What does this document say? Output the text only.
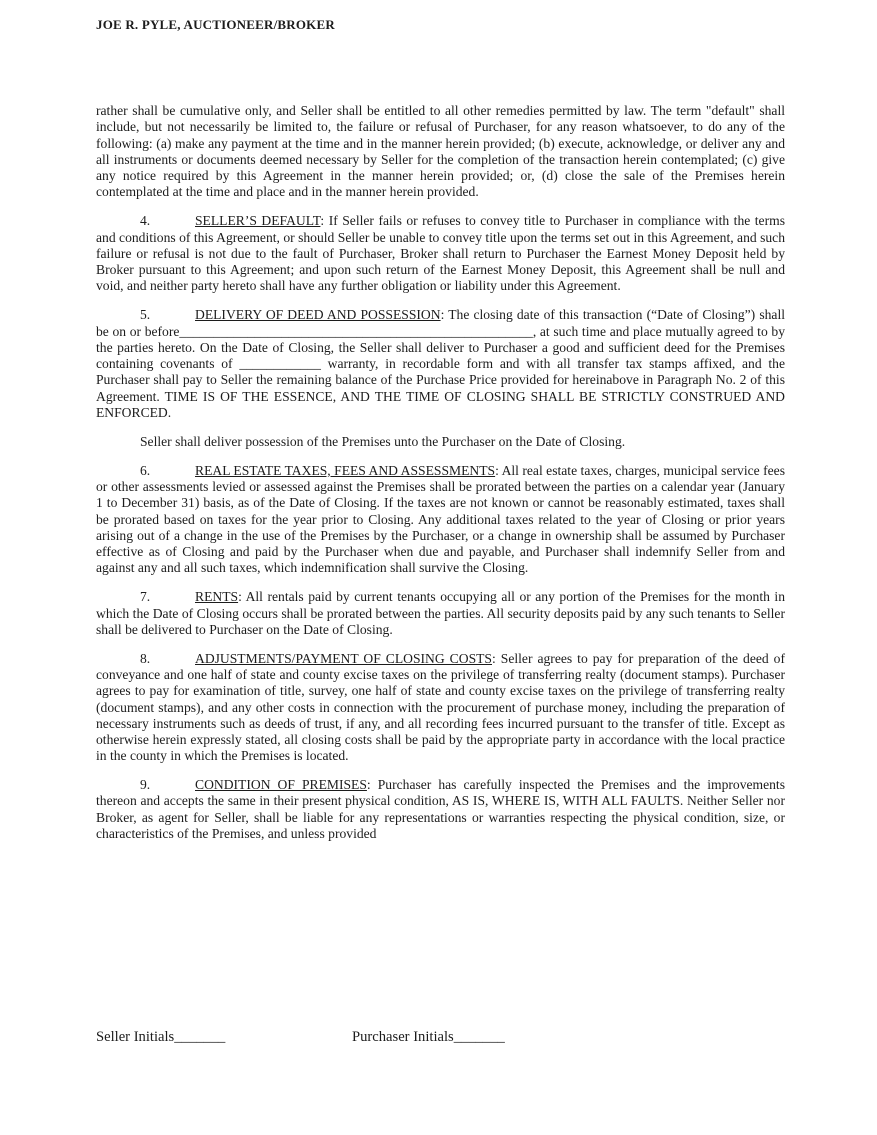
JOE R. PYLE, AUCTIONEER/BROKER

rather shall be cumulative only, and Seller shall be entitled to all other remedies permitted by law. The term "default" shall include, but not necessarily be limited to, the failure or refusal of Purchaser, for any reason whatsoever, to do any of the following: (a) make any payment at the time and in the manner herein provided; (b) execute, acknowledge, or deliver any and all instruments or documents deemed necessary by Seller for the completion of the transaction herein contemplated; (c) give any notice required by this Agreement in the manner herein provided; or, (d) close the sale of the Premises herein contemplated at the time and place and in the manner herein provided.

4.	SELLER’S DEFAULT: If Seller fails or refuses to convey title to Purchaser in compliance with the terms and conditions of this Agreement, or should Seller be unable to convey title upon the terms set out in this Agreement, and such failure or refusal is not due to the fault of Purchaser, Broker shall return to Purchaser the Earnest Money Deposit held by Broker pursuant to this Agreement; and upon such return of the Earnest Money Deposit, this Agreement shall be null and void, and neither party hereto shall have any further obligation or liability under this Agreement.

5.	DELIVERY OF DEED AND POSSESSION: The closing date of this transaction (“Date of Closing”) shall be on or before____________________________________________________, at such time and place mutually agreed to by the parties hereto. On the Date of Closing, the Seller shall deliver to Purchaser a good and sufficient deed for the Premises containing covenants of ____________ warranty, in recordable form and with all transfer tax stamps affixed, and the Purchaser shall pay to Seller the remaining balance of the Purchase Price provided for hereinabove in Paragraph No. 2 of this Agreement. TIME IS OF THE ESSENCE, AND THE TIME OF CLOSING SHALL BE STRICTLY CONSTRUED AND ENFORCED.

Seller shall deliver possession of the Premises unto the Purchaser on the Date of Closing.

6.	REAL ESTATE TAXES, FEES AND ASSESSMENTS: All real estate taxes, charges, municipal service fees or other assessments levied or assessed against the Premises shall be prorated between the parties on a calendar year (January 1 to December 31) basis, as of the Date of Closing. If the taxes are not known or cannot be reasonably estimated, taxes shall be prorated based on taxes for the year prior to Closing. Any additional taxes related to the year of Closing or prior years arising out of a change in the use of the Premises by the Purchaser, or a change in ownership shall be assumed by Purchaser effective as of Closing and paid by the Purchaser when due and payable, and Purchaser shall indemnify Seller from and against any and all such taxes, which indemnification shall survive the Closing.

7.	RENTS: All rentals paid by current tenants occupying all or any portion of the Premises for the month in which the Date of Closing occurs shall be prorated between the parties. All security deposits paid by any such tenants to Seller shall be delivered to Purchaser on the Date of Closing.

8.	ADJUSTMENTS/PAYMENT OF CLOSING COSTS: Seller agrees to pay for preparation of the deed of conveyance and one half of state and county excise taxes on the privilege of transferring realty (document stamps). Purchaser agrees to pay for examination of title, survey, one half of state and county excise taxes on the privilege of transferring realty (document stamps), and any other costs in connection with the procurement of purchase money, including the preparation of necessary instruments such as deeds of trust, if any, and all recording fees incurred pursuant to the transfer of title. Except as otherwise herein expressly stated, all closing costs shall be paid by the appropriate party in accordance with the local practice in the county in which the Premises is located.

9.	CONDITION OF PREMISES: Purchaser has carefully inspected the Premises and the improvements thereon and accepts the same in their present physical condition, AS IS, WHERE IS, WITH ALL FAULTS. Neither Seller nor Broker, as agent for Seller, shall be liable for any representations or warranties respecting the physical condition, size, or characteristics of the Premises, and unless provided

Seller Initials_______	Purchaser Initials_______
